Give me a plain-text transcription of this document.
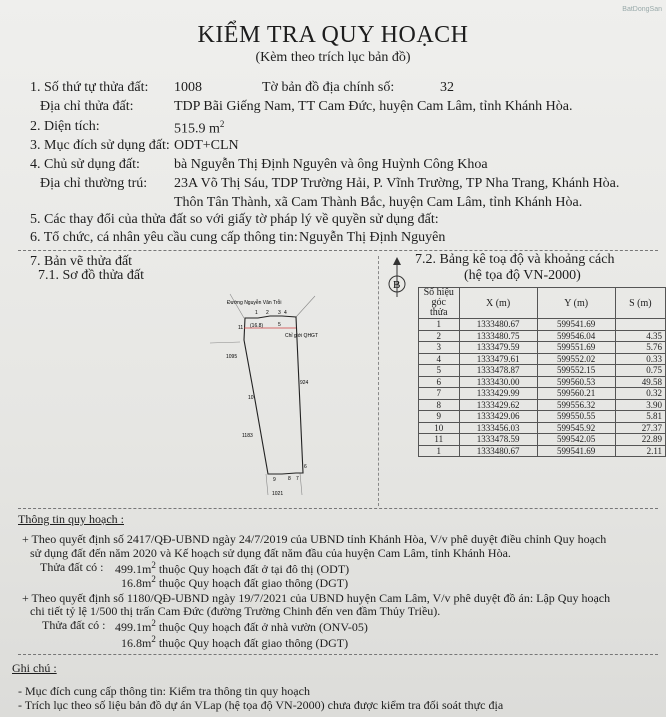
BatDongSan
KIỂM TRA QUY HOẠCH
(Kèm theo trích lục bản đồ)
1. Số thứ tự thửa đất: 1008	Tờ bản đồ địa chính số:	32
Địa chỉ thửa đất:	TDP Bãi Giếng Nam, TT Cam Đức, huyện Cam Lâm, tỉnh Khánh Hòa.
2. Diện tích:	515.9 $m^2$
3. Mục đích sử dụng đất: ODT+CLN
4. Chủ sử dụng đất: bà Nguyễn Thị Định Nguyên và ông Huỳnh Công Khoa
Địa chỉ thường trú: 23A Võ Thị Sáu, TDP Trường Hải, P. Vĩnh Trường, TP Nha Trang, Khánh Hòa.
Thôn Tân Thành, xã Cam Thành Bắc, huyện Cam Lâm, tỉnh Khánh Hòa.
5. Các thay đổi của thửa đất so với giấy tờ pháp lý về quyền sử dụng đất:
6. Tổ chức, cá nhân yêu cầu cung cấp thông tin: Nguyễn Thị Định Nguyên
7. Bản vẽ thửa đất
7.1. Sơ đồ thửa đất
Đường Nguyễn Văn Trỗi
Chỉ giới QHGT
(16.8)
1 2 3 4
5
6
7
8
9
10
11
1095
924
1183
1021
B
7.2. Bảng kê toạ độ và khoảng cách
(hệ tọa độ VN-2000)
Số hiệu góc thửa	X (m)	Y (m)	S (m)
1	1333480.67	599541.69	
2	1333480.75	599546.04	4.35
3	1333479.59	599551.69	5.76
4	1333479.61	599552.02	0.33
5	1333478.87	599552.15	0.75
6	1333430.00	599560.53	49.58
7	1333429.99	599560.21	0.32
8	1333429.62	599556.32	3.90
9	1333429.06	599550.55	5.81
10	1333456.03	599545.92	27.37
11	1333478.59	599542.05	22.89
1	1333480.67	599541.69	2.11
Thông tin quy hoạch :
+ Theo quyết định số 2417/QĐ-UBND ngày 24/7/2019 của UBND tỉnh Khánh Hòa, V/v phê duyệt điều chỉnh Quy hoạch
sử dụng đất đến năm 2020 và Kế hoạch sử dụng đất năm đầu của huyện Cam Lâm, tỉnh Khánh Hòa.
Thửa đất có : $499.1m^2$ thuộc Quy hoạch đất ở tại đô thị (ODT)
$16.8m^2$ thuộc Quy hoạch đất giao thông (DGT)
+ Theo quyết định số 1180/QĐ-UBND ngày 19/7/2021 của UBND huyện Cam Lâm, V/v phê duyệt đồ án: Lập Quy hoạch
chi tiết tỷ lệ 1/500 thị trấn Cam Đức (đường Trường Chinh đến ven đầm Thủy Triều).
Thửa đất có : $499.1m^2$ thuộc Quy hoạch đất ở nhà vườn (ONV-05)
$16.8m^2$ thuộc Quy hoạch đất giao thông (DGT)
Ghi chú :
- Mục đích cung cấp thông tin: Kiểm tra thông tin quy hoạch
- Trích lục theo số liệu bản đồ dự án VLap (hệ tọa độ VN-2000) chưa được kiểm tra đối soát thực địa
